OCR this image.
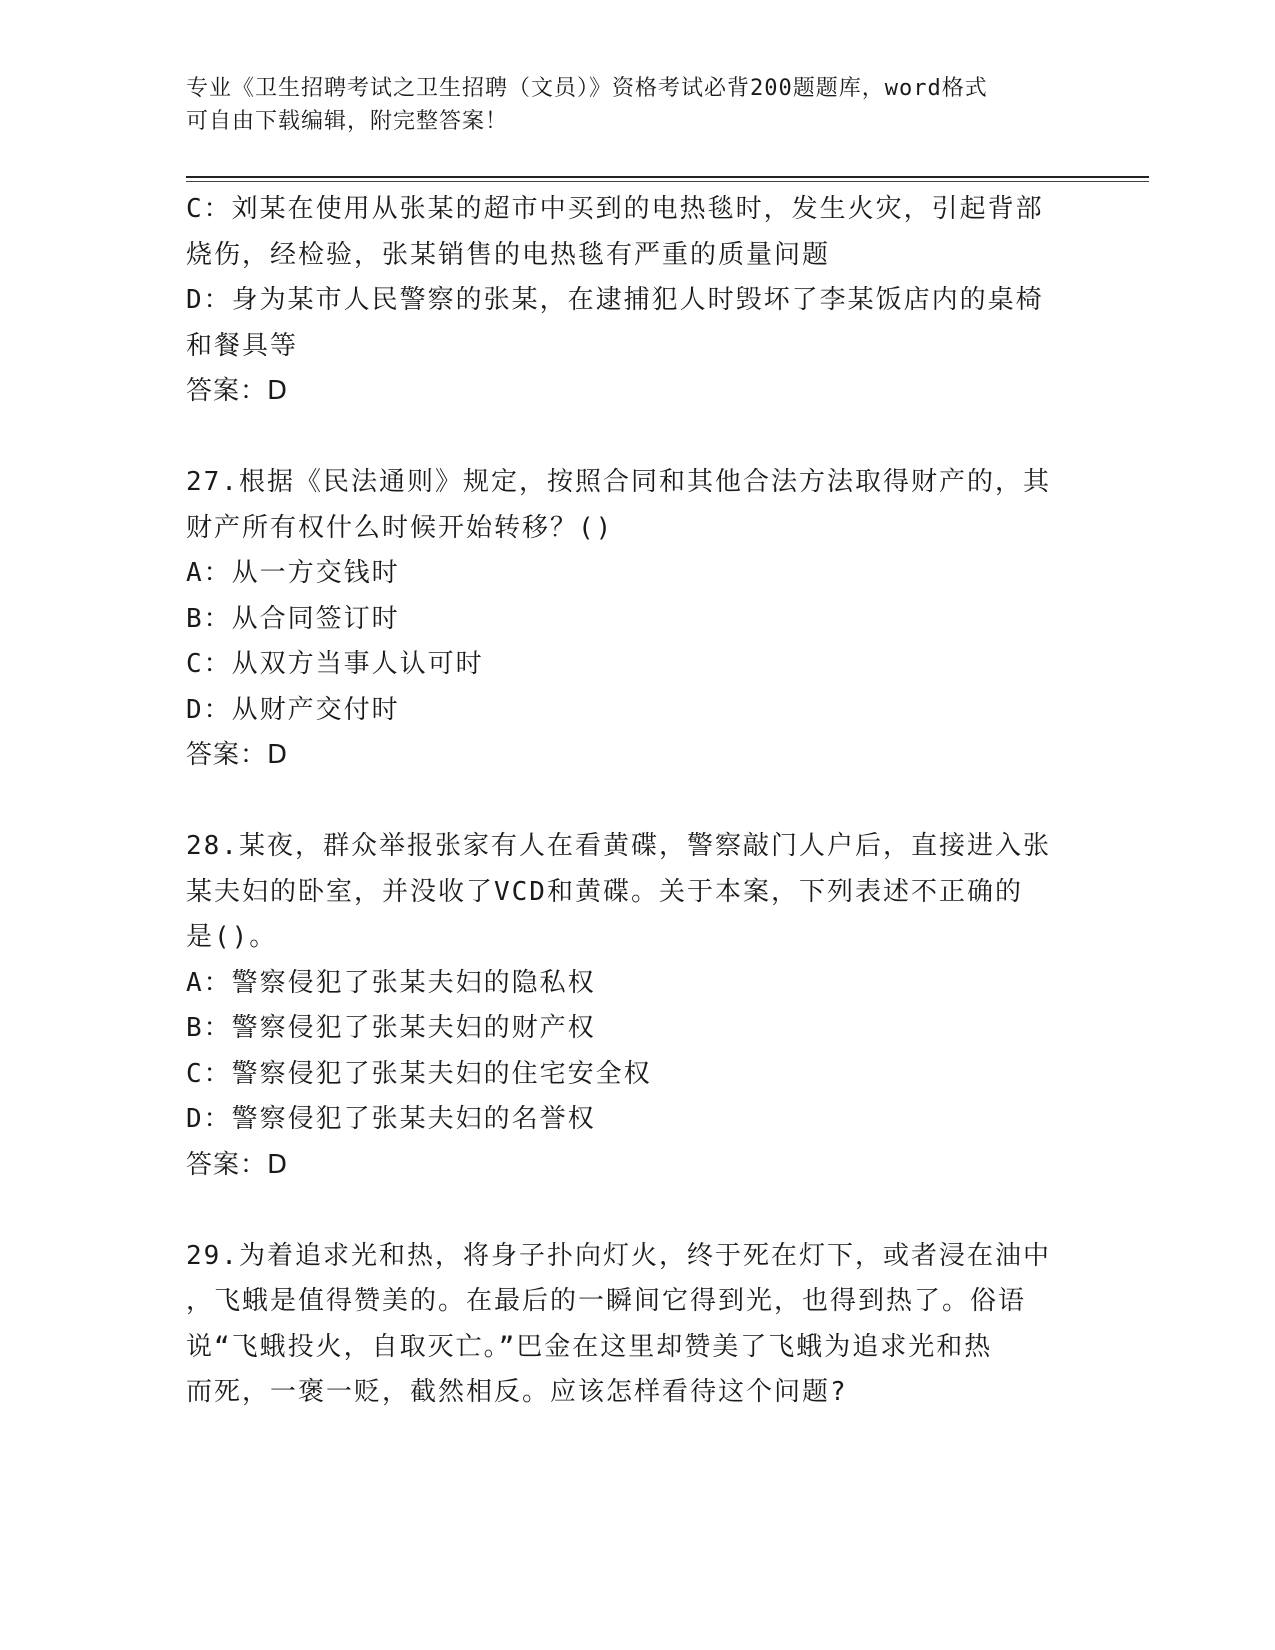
专业《卫生招聘考试之卫生招聘（文员）》资格考试必背200题题库，word格式
可自由下载编辑，附完整答案！
C：刘某在使用从张某的超市中买到的电热毯时，发生火灾，引起背部
烧伤，经检验，张某销售的电热毯有严重的质量问题
D：身为某市人民警察的张某，在逮捕犯人时毁坏了李某饭店内的桌椅
和餐具等
答案：D
27.根据《民法通则》规定，按照合同和其他合法方法取得财产的，其
财产所有权什么时候开始转移？()
A：从一方交钱时
B：从合同签订时
C：从双方当事人认可时
D：从财产交付时
答案：D
28.某夜，群众举报张家有人在看黄碟，警察敲门人户后，直接进入张
某夫妇的卧室，并没收了VCD和黄碟。关于本案，下列表述不正确的
是()。
A：警察侵犯了张某夫妇的隐私权
B：警察侵犯了张某夫妇的财产权
C：警察侵犯了张某夫妇的住宅安全权
D：警察侵犯了张某夫妇的名誉权
答案：D
29.为着追求光和热，将身子扑向灯火，终于死在灯下，或者浸在油中
，飞蛾是值得赞美的。在最后的一瞬间它得到光，也得到热了。俗语
说“飞蛾投火，自取灭亡。”巴金在这里却赞美了飞蛾为追求光和热
而死，一褒一贬，截然相反。应该怎样看待这个问题?
